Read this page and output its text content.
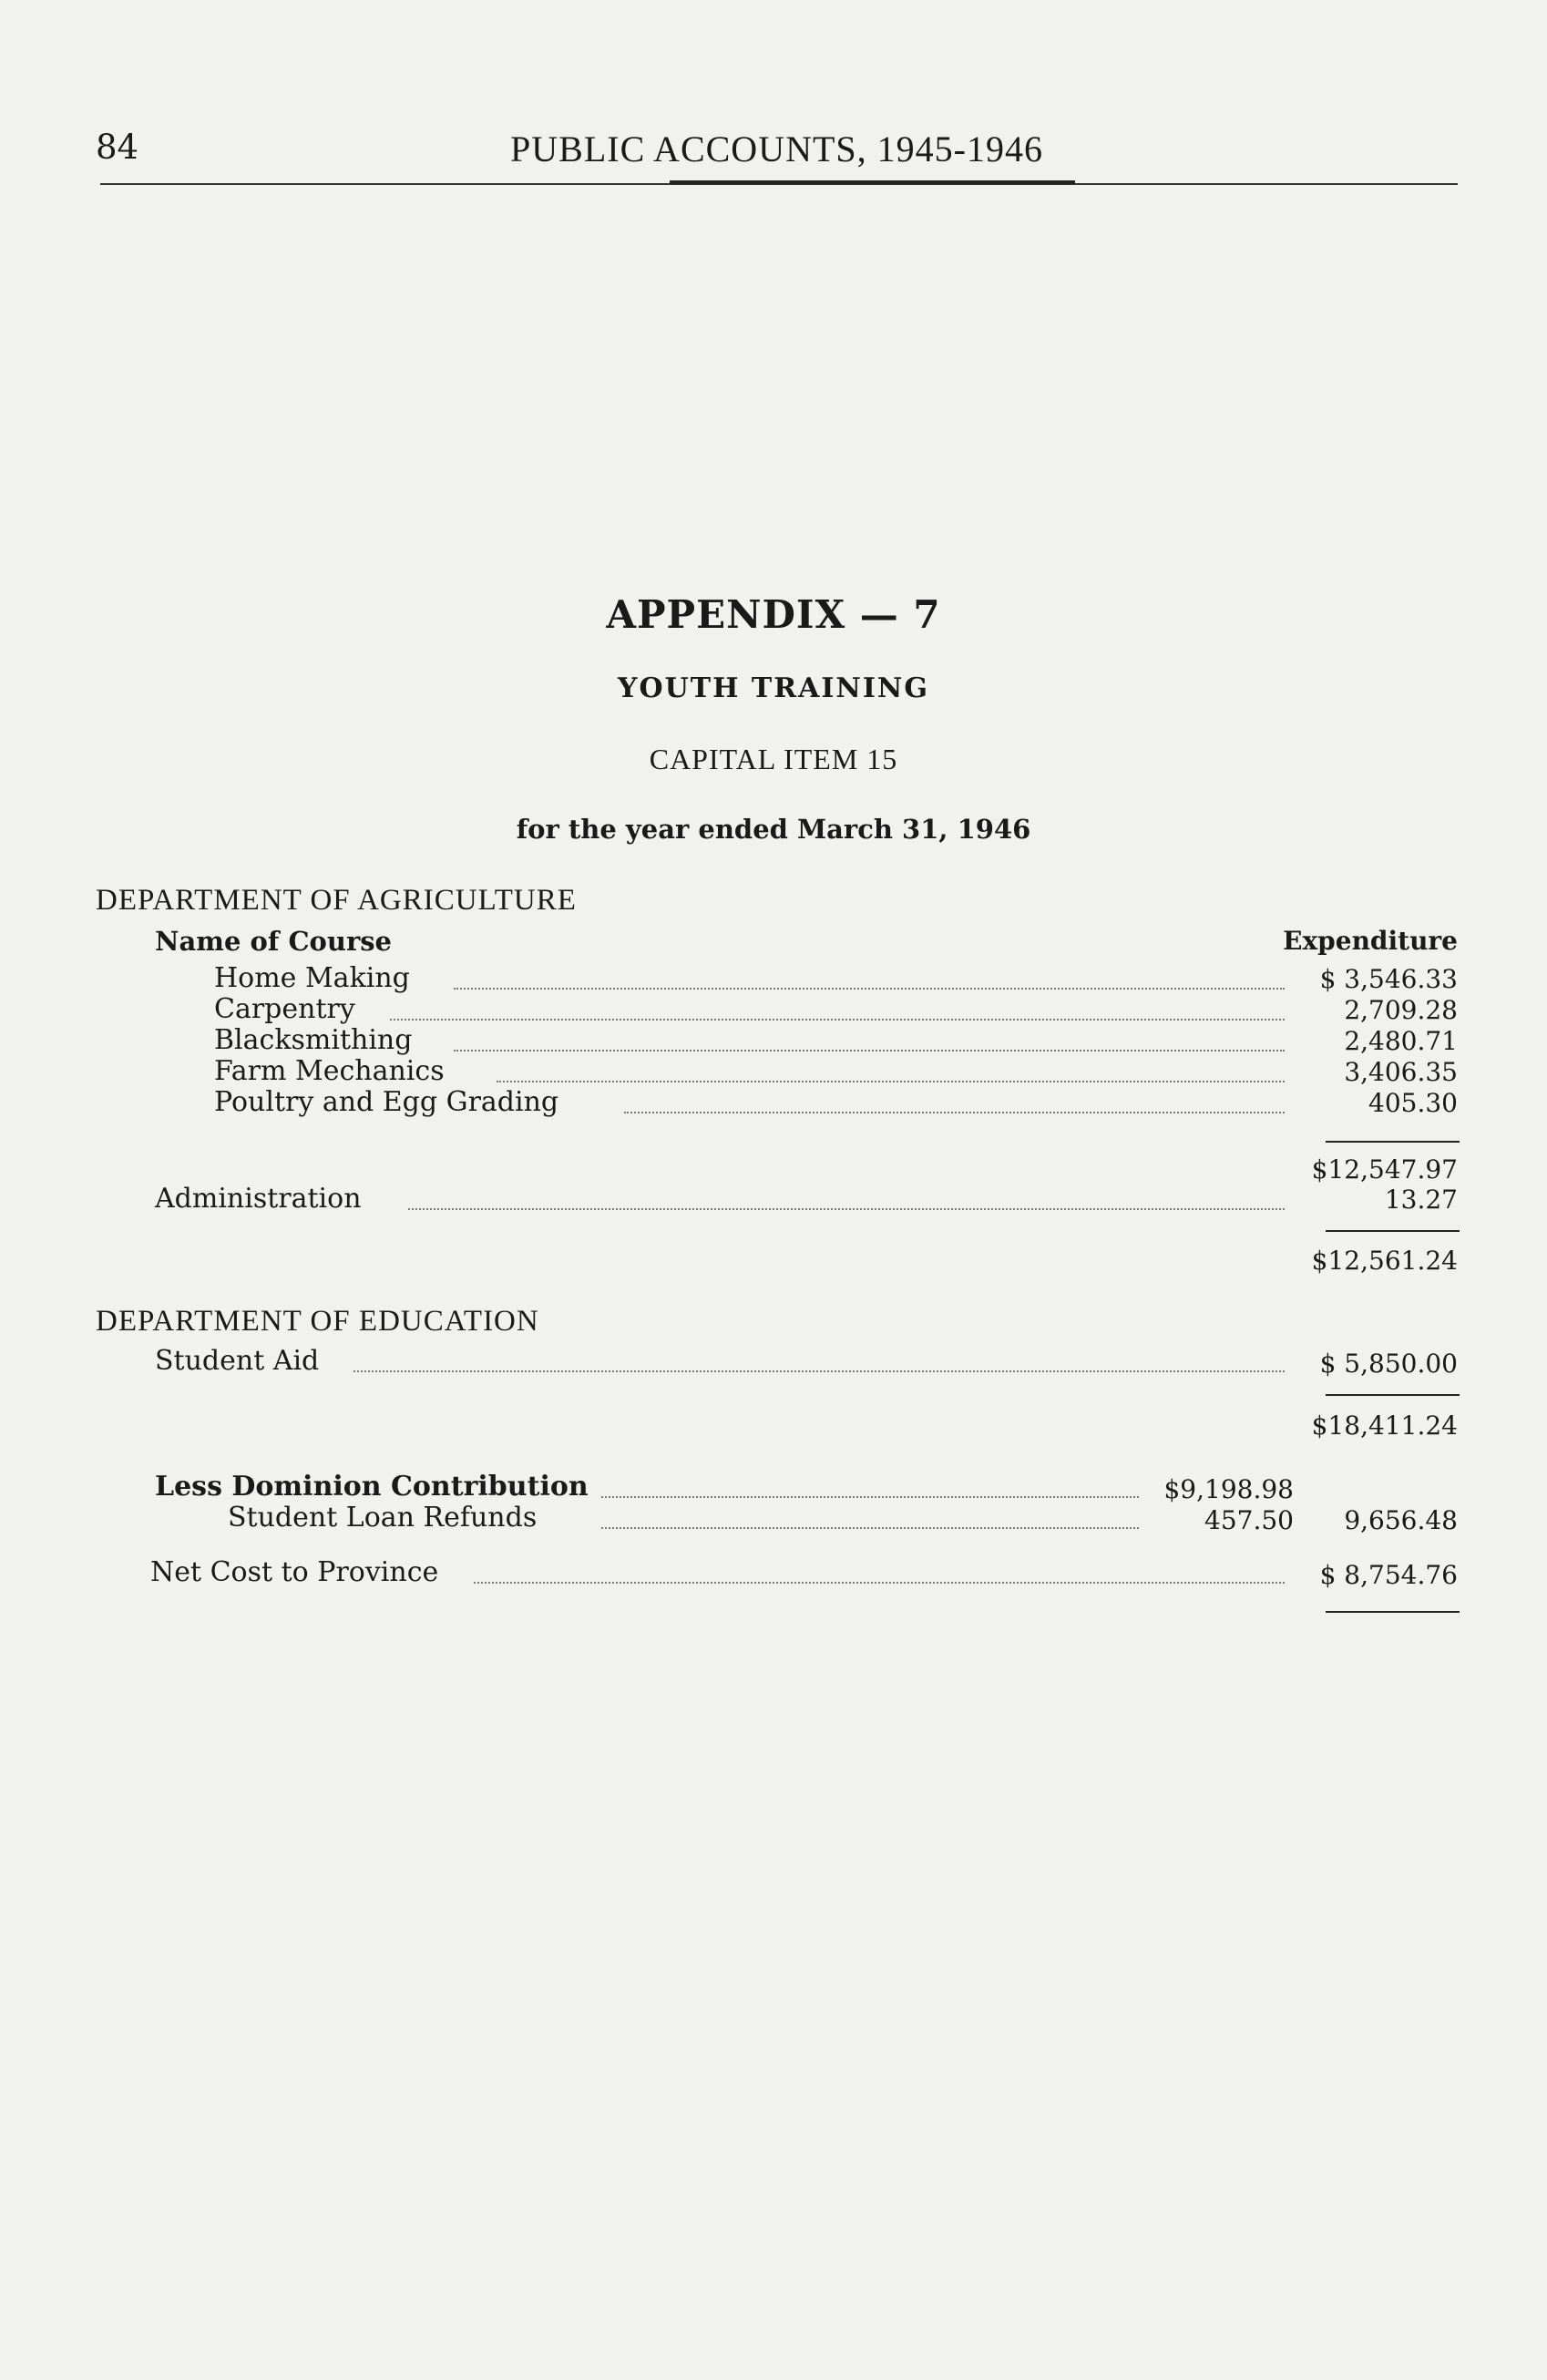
84	PUBLIC ACCOUNTS, 1945-1946
APPENDIX — 7
YOUTH TRAINING
CAPITAL ITEM 15
for the year ended March 31, 1946
DEPARTMENT OF AGRICULTURE
Name of Course	Expenditure
Home Making	$ 3,546.33
Carpentry	2,709.28
Blacksmithing	2,480.71
Farm Mechanics	3,406.35
Poultry and Egg Grading	405.30
$12,547.97
Administration	13.27
$12,561.24
DEPARTMENT OF EDUCATION
Student Aid	$ 5,850.00
$18,411.24
Less Dominion Contribution	$9,198.98
Student Loan Refunds	457.50 9,656.48
Net Cost to Province	$ 8,754.76
